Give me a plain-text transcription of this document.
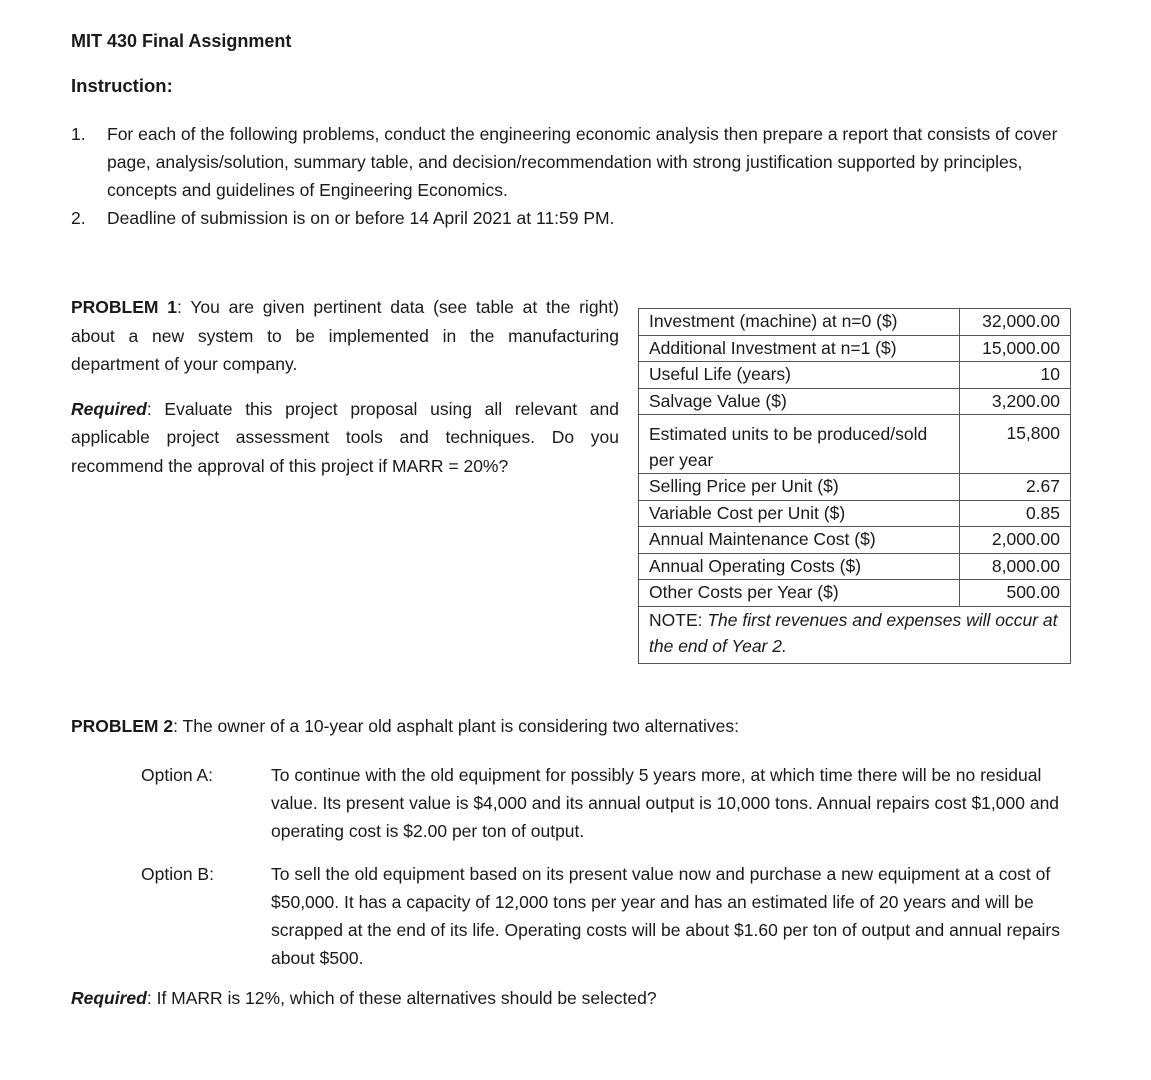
MIT 430 Final Assignment
Instruction:
1.	For each of the following problems, conduct the engineering economic analysis then prepare a report that consists of cover page, analysis/solution, summary table, and decision/recommendation with strong justification supported by principles, concepts and guidelines of Engineering Economics.
2.	Deadline of submission is on or before 14 April 2021 at 11:59 PM.

PROBLEM 1: You are given pertinent data (see table at the right) about a new system to be implemented in the manufacturing department of your company.

Required: Evaluate this project proposal using all relevant and applicable project assessment tools and techniques. Do you recommend the approval of this project if MARR = 20%?

Investment (machine) at n=0 ($)	32,000.00
Additional Investment at n=1 ($)	15,000.00
Useful Life (years)	10
Salvage Value ($)	3,200.00
Estimated units to be produced/sold per year	15,800
Selling Price per Unit ($)	2.67
Variable Cost per Unit ($)	0.85
Annual Maintenance Cost ($)	2,000.00
Annual Operating Costs ($)	8,000.00
Other Costs per Year ($)	500.00
NOTE: The first revenues and expenses will occur at the end of Year 2.	
PROBLEM 2: The owner of a 10-year old asphalt plant is considering two alternatives:
Option A:	To continue with the old equipment for possibly 5 years more, at which time there will be no residual value. Its present value is $4,000 and its annual output is 10,000 tons. Annual repairs cost $1,000 and operating cost is $2.00 per ton of output.
Option B:	To sell the old equipment based on its present value now and purchase a new equipment at a cost of $50,000. It has a capacity of 12,000 tons per year and has an estimated life of 20 years and will be scrapped at the end of its life. Operating costs will be about $1.60 per ton of output and annual repairs about $500.
Required: If MARR is 12%, which of these alternatives should be selected?
